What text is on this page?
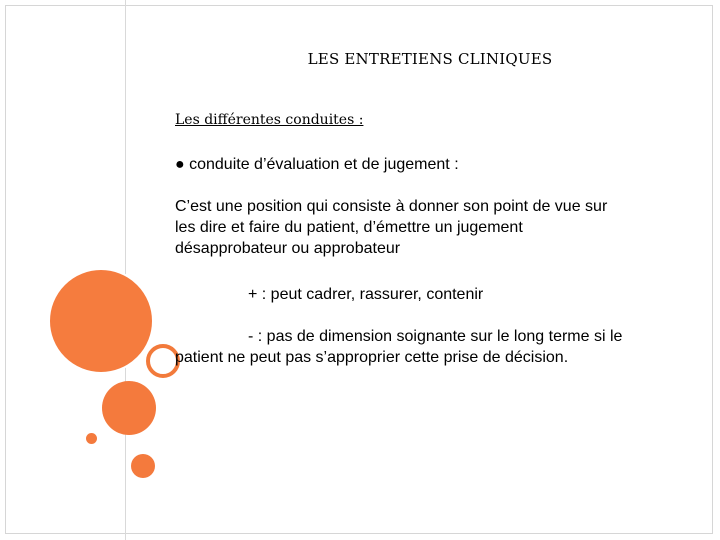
LES ENTRETIENS CLINIQUES
Les différentes conduites :
● conduite d’évaluation et de jugement :
C’est une position qui consiste à donner son point de vue sur
les dire et faire du patient, d’émettre un jugement
désapprobateur ou approbateur
+ : peut cadrer, rassurer, contenir
- : pas de dimension soignante sur le long terme si le
patient ne peut pas s’approprier cette prise de décision.
